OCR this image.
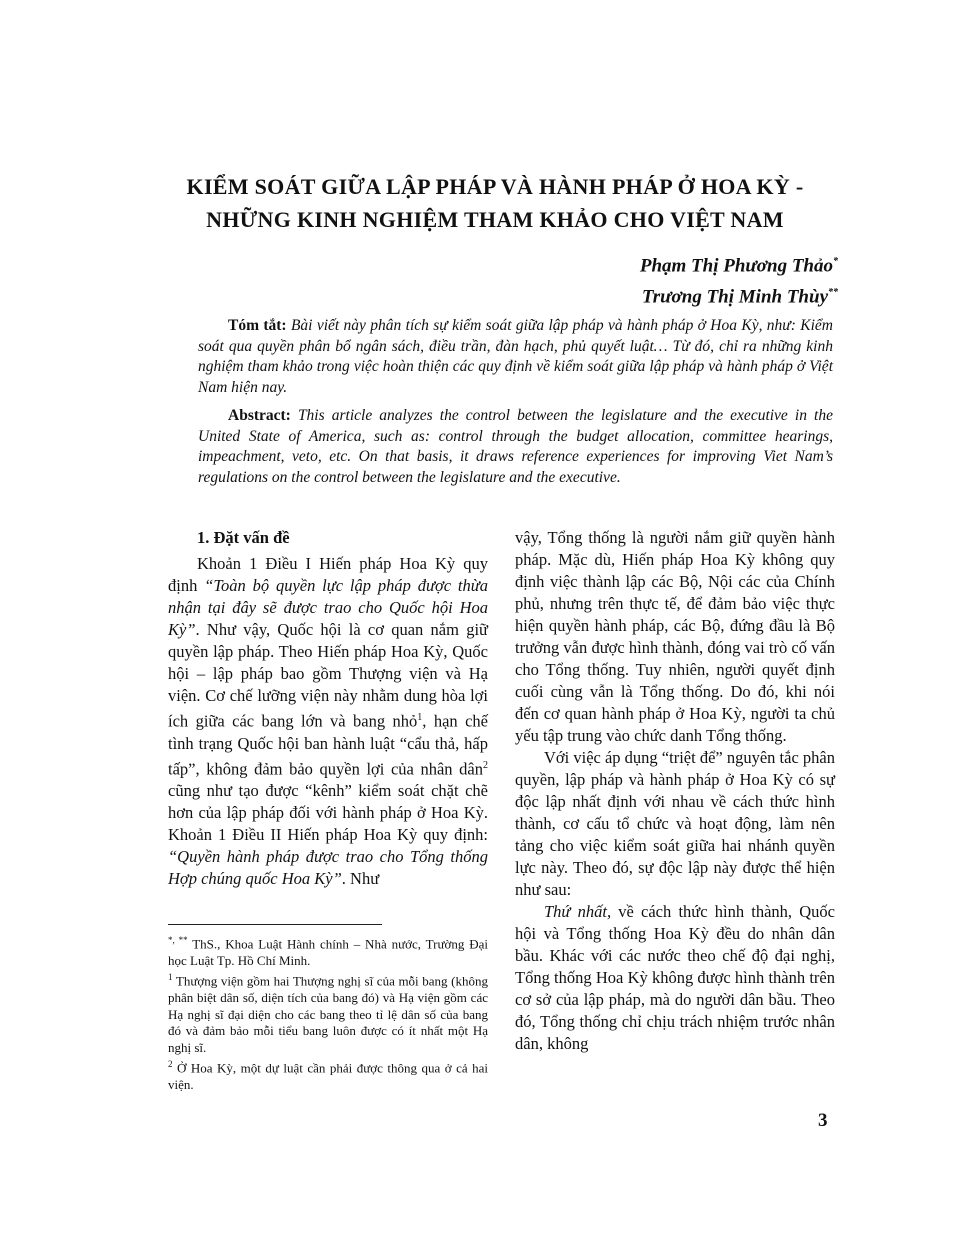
KIỂM SOÁT GIỮA LẬP PHÁP VÀ HÀNH PHÁP Ở HOA KỲ -
NHỮNG KINH NGHIỆM THAM KHẢO CHO VIỆT NAM
Phạm Thị Phương Thảo*
Trương Thị Minh Thùy**
Tóm tắt: Bài viết này phân tích sự kiểm soát giữa lập pháp và hành pháp ở Hoa Kỳ, như: Kiểm soát qua quyền phân bổ ngân sách, điều trần, đàn hạch, phủ quyết luật… Từ đó, chỉ ra những kinh nghiệm tham khảo trong việc hoàn thiện các quy định về kiểm soát giữa lập pháp và hành pháp ở Việt Nam hiện nay.
Abstract: This article analyzes the control between the legislature and the executive in the United State of America, such as: control through the budget allocation, committee hearings, impeachment, veto, etc. On that basis, it draws reference experiences for improving Viet Nam’s regulations on the control between the legislature and the executive.

1. Đặt vấn đề

Khoản 1 Điều I Hiến pháp Hoa Kỳ quy định “Toàn bộ quyền lực lập pháp được thừa nhận tại đây sẽ được trao cho Quốc hội Hoa Kỳ”. Như vậy, Quốc hội là cơ quan nắm giữ quyền lập pháp. Theo Hiến pháp Hoa Kỳ, Quốc hội – lập pháp bao gồm Thượng viện và Hạ viện. Cơ chế lưỡng viện này nhằm dung hòa lợi ích giữa các bang lớn và bang nhỏ$^1$, hạn chế tình trạng Quốc hội ban hành luật “cẩu thả, hấp tấp”, không đảm bảo quyền lợi của nhân dân$^2$ cũng như tạo được “kênh” kiểm soát chặt chẽ hơn của lập pháp đối với hành pháp ở Hoa Kỳ. Khoản 1 Điều II Hiến pháp Hoa Kỳ quy định: “Quyền hành pháp được trao cho Tổng thống Hợp chúng quốc Hoa Kỳ”. Như

vậy, Tổng thống là người nắm giữ quyền hành pháp. Mặc dù, Hiến pháp Hoa Kỳ không quy định việc thành lập các Bộ, Nội các của Chính phủ, nhưng trên thực tế, để đảm bảo việc thực hiện quyền hành pháp, các Bộ, đứng đầu là Bộ trưởng vẫn được hình thành, đóng vai trò cố vấn cho Tổng thống. Tuy nhiên, người quyết định cuối cùng vẫn là Tổng thống. Do đó, khi nói đến cơ quan hành pháp ở Hoa Kỳ, người ta chủ yếu tập trung vào chức danh Tổng thống.

Với việc áp dụng “triệt để” nguyên tắc phân quyền, lập pháp và hành pháp ở Hoa Kỳ có sự độc lập nhất định với nhau về cách thức hình thành, cơ cấu tổ chức và hoạt động, làm nên tảng cho việc kiểm soát giữa hai nhánh quyền lực này. Theo đó, sự độc lập này được thể hiện như sau:

Thứ nhất, về cách thức hình thành, Quốc hội và Tổng thống Hoa Kỳ đều do nhân dân bầu. Khác với các nước theo chế độ đại nghị, Tổng thống Hoa Kỳ không được hình thành trên cơ sở của lập pháp, mà do người dân bầu. Theo đó, Tổng thống chỉ chịu trách nhiệm trước nhân dân, không

*, ** ThS., Khoa Luật Hành chính – Nhà nước, Trường Đại học Luật Tp. Hồ Chí Minh.

$^1$ Thượng viện gồm hai Thượng nghị sĩ của mỗi bang (không phân biệt dân số, diện tích của bang đó) và Hạ viện gồm các Hạ nghị sĩ đại diện cho các bang theo tỉ lệ dân số của bang đó và đảm bảo mỗi tiểu bang luôn được có ít nhất một Hạ nghị sĩ.

$^2$ Ở Hoa Kỳ, một dự luật cần phải được thông qua ở cả hai viện.

3
